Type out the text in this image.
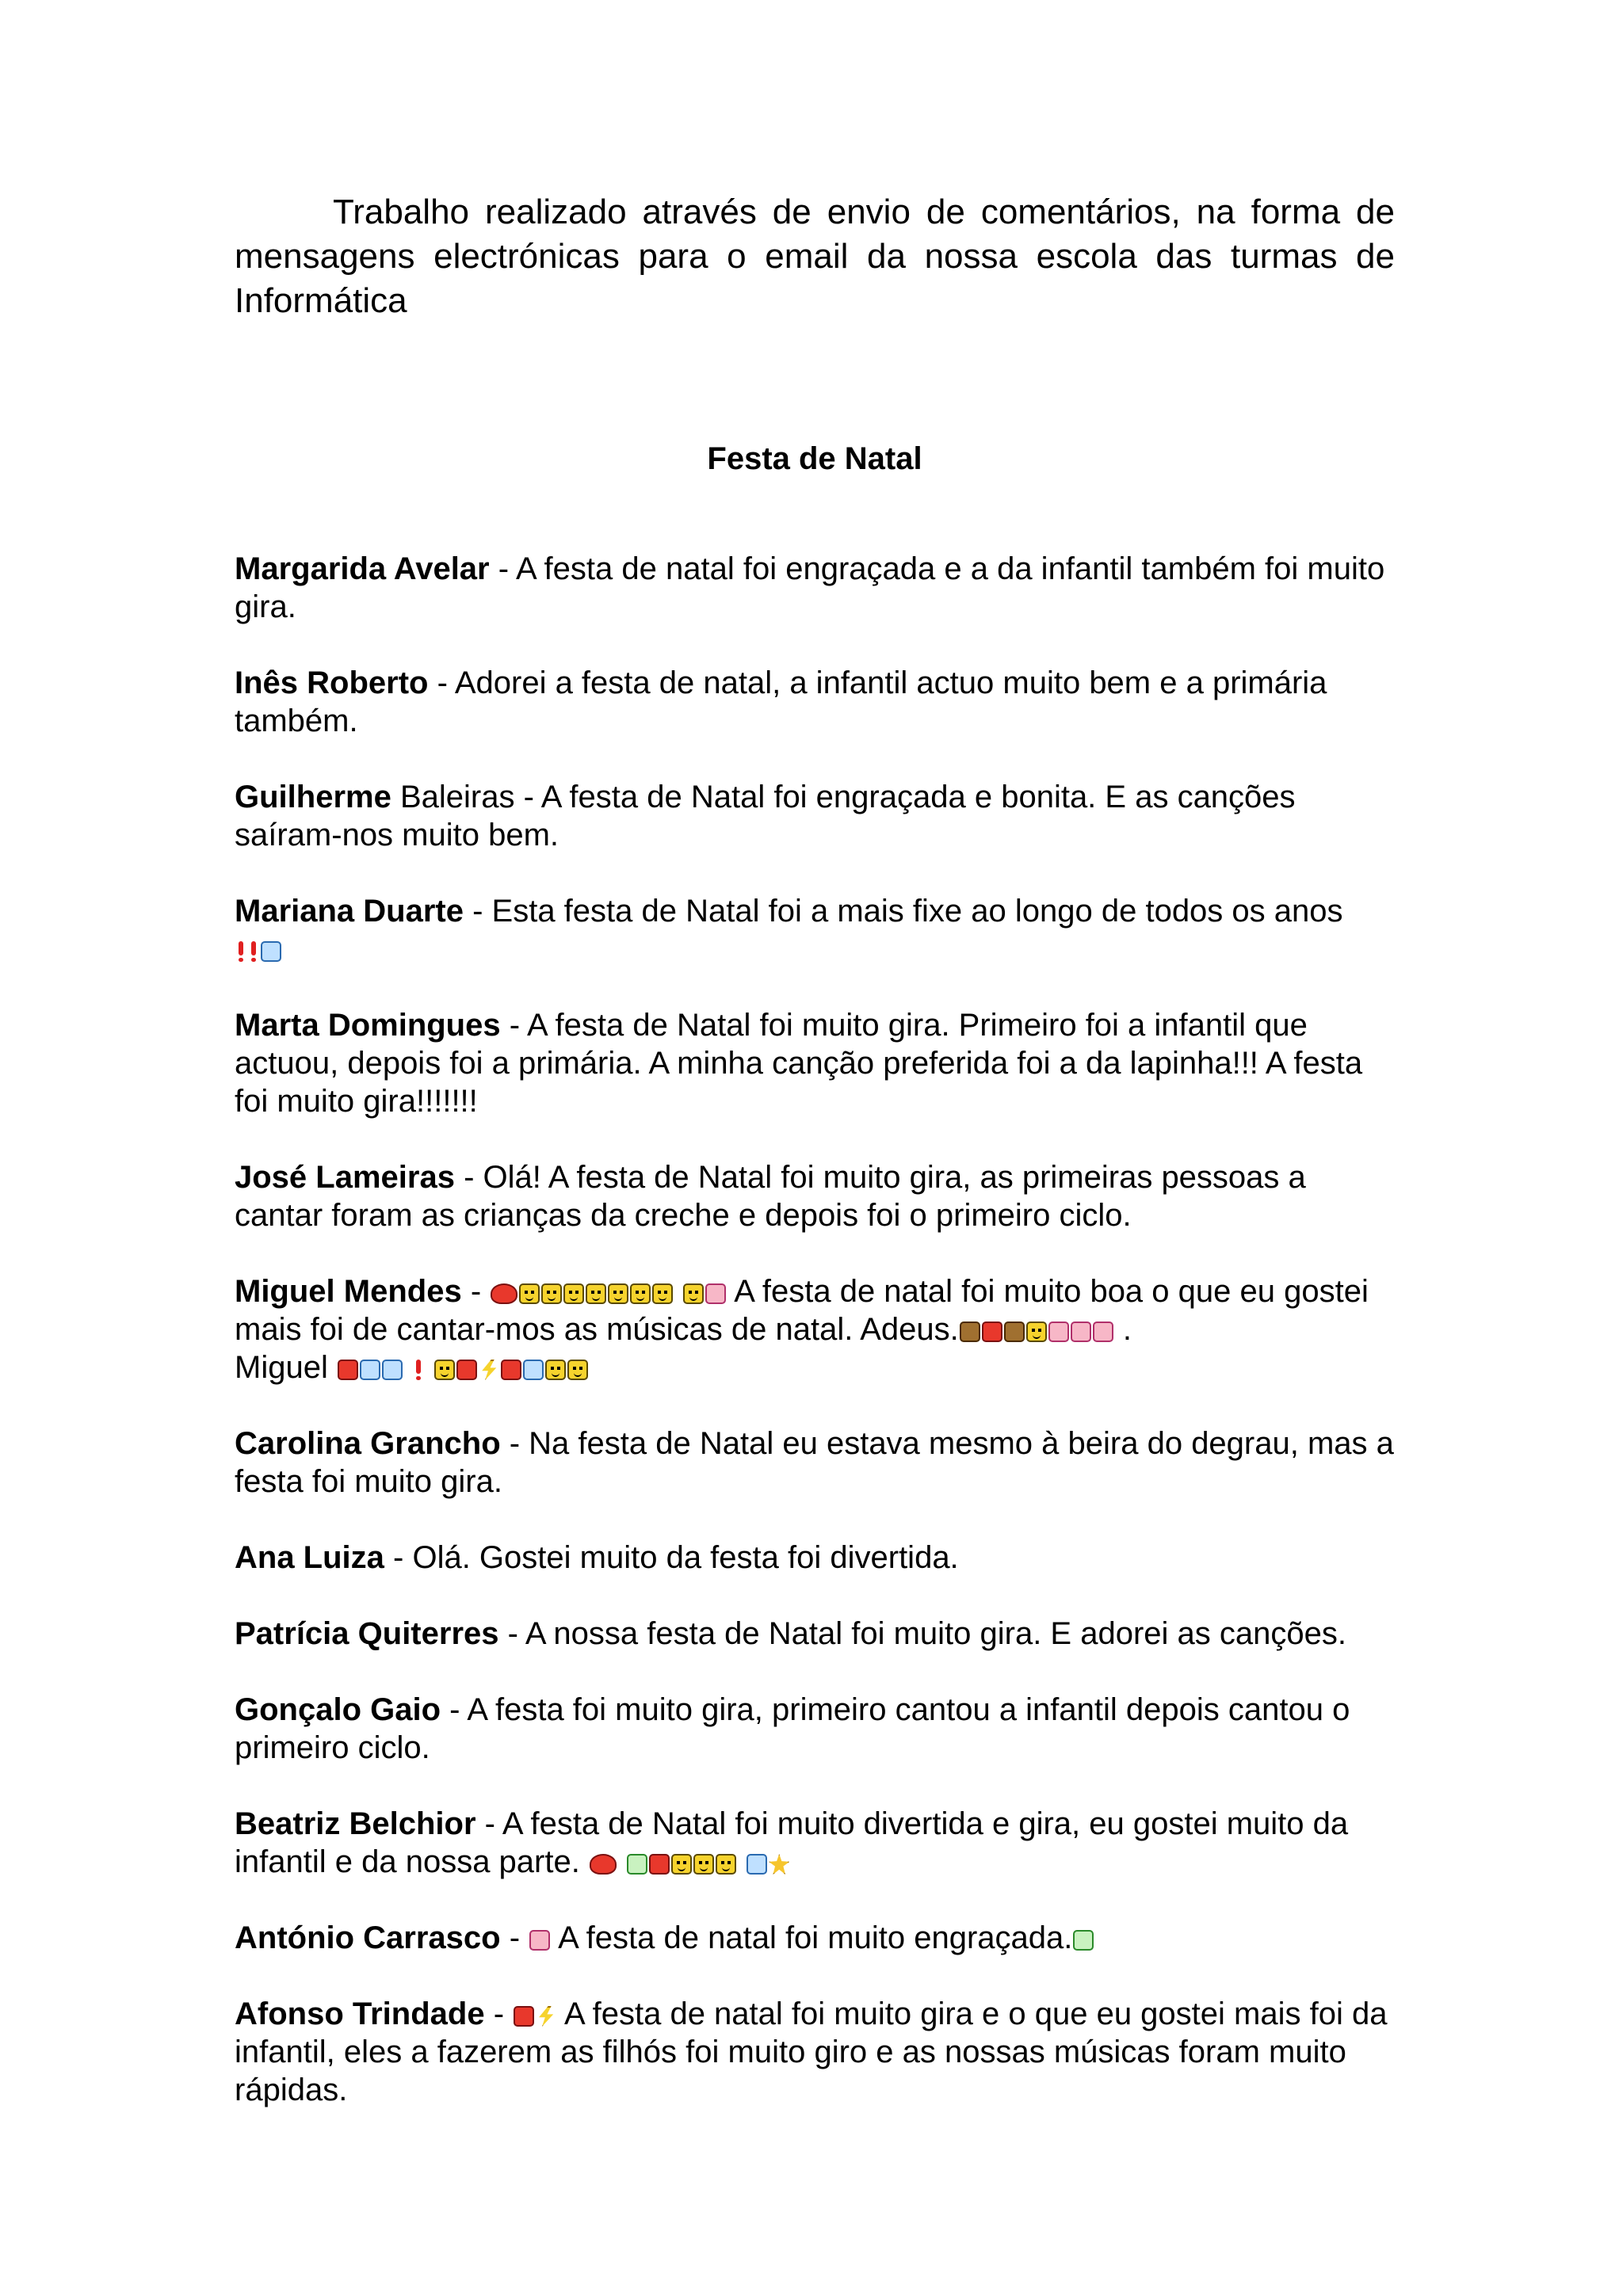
Trabalho realizado através de envio de comentários, na forma de mensagens electrónicas para o email da nossa escola das turmas de Informática

Festa de Natal

Margarida Avelar - A festa de natal foi engraçada e a da infantil também foi muito gira.

Inês Roberto - Adorei a festa de natal, a infantil actuo muito bem e a primária também.

Guilherme Baleiras - A festa de Natal foi engraçada e bonita. E as canções saíram-nos muito bem.

Mariana Duarte - Esta festa de Natal foi a mais fixe ao longo de todos os anos

Marta Domingues - A festa de Natal foi muito gira. Primeiro foi a infantil que actuou, depois foi a primária. A minha canção preferida foi a da lapinha!!! A festa foi muito gira!!!!!!!

José Lameiras - Olá! A festa de Natal foi muito gira, as primeiras pessoas a cantar foram as crianças da creche e depois foi o primeiro ciclo.

Miguel Mendes -	A festa de natal foi muito boa o que eu gostei mais foi de cantar-mos as músicas de natal. Adeus.	.
Miguel

Carolina Grancho - Na festa de Natal eu estava mesmo à beira do degrau, mas a festa foi muito gira.

Ana Luiza - Olá. Gostei muito da festa foi divertida.

Patrícia Quiterres - A nossa festa de Natal foi muito gira. E adorei as canções.

Gonçalo Gaio - A festa foi muito gira, primeiro cantou a infantil depois cantou o primeiro ciclo.

Beatriz Belchior - A festa de Natal foi muito divertida e gira, eu gostei muito da infantil e da nossa parte.

António Carrasco -  A festa de natal foi muito engraçada.

Afonso Trindade -  A festa de natal foi muito gira e o que eu gostei mais foi da infantil, eles a fazerem as filhós foi muito giro e as nossas músicas foram muito rápidas.
